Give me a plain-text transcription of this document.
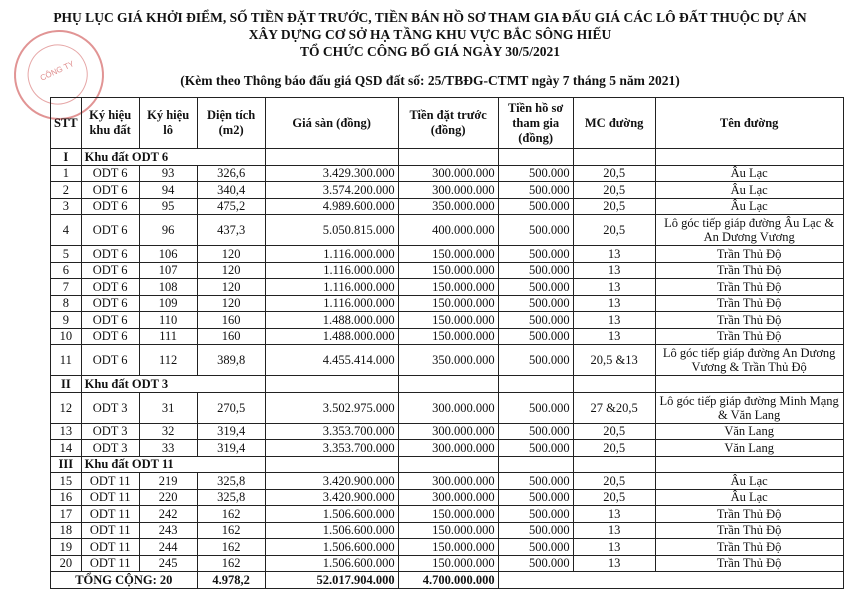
PHỤ LỤC GIÁ KHỞI ĐIỂM, SỐ TIỀN ĐẶT TRƯỚC, TIỀN BÁN HỒ SƠ THAM GIA ĐẤU GIÁ CÁC LÔ ĐẤT THUỘC DỰ ÁN
XÂY DỰNG CƠ SỞ HẠ TẦNG KHU VỰC BẮC SÔNG HIẾU
TỔ CHỨC CÔNG BỐ GIÁ NGÀY 30/5/2021
(Kèm theo Thông báo đấu giá QSD đất số: 25/TBĐG-CTMT ngày 7 tháng 5 năm 2021)
CÔNG TY
STT	Ký hiệu khu đất	Ký hiệu lô	Diện tích (m2)	Giá sàn (đồng)	Tiền đặt trước (đồng)	Tiền hồ sơ tham gia (đồng)	MC đường	Tên đường
I	Khu đất ODT 6							
1	ODT 6	93	326,6	3.429.300.000	300.000.000	500.000	20,5	Âu Lạc
2	ODT 6	94	340,4	3.574.200.000	300.000.000	500.000	20,5	Âu Lạc
3	ODT 6	95	475,2	4.989.600.000	350.000.000	500.000	20,5	Âu Lạc
4	ODT 6	96	437,3	5.050.815.000	400.000.000	500.000	20,5	Lô góc tiếp giáp đường Âu Lạc & An Dương Vương
5	ODT 6	106	120	1.116.000.000	150.000.000	500.000	13	Trần Thủ Độ
6	ODT 6	107	120	1.116.000.000	150.000.000	500.000	13	Trần Thủ Độ
7	ODT 6	108	120	1.116.000.000	150.000.000	500.000	13	Trần Thủ Độ
8	ODT 6	109	120	1.116.000.000	150.000.000	500.000	13	Trần Thủ Độ
9	ODT 6	110	160	1.488.000.000	150.000.000	500.000	13	Trần Thủ Độ
10	ODT 6	111	160	1.488.000.000	150.000.000	500.000	13	Trần Thủ Độ
11	ODT 6	112	389,8	4.455.414.000	350.000.000	500.000	20,5 &13	Lô góc tiếp giáp đường An Dương Vương & Trần Thủ Độ
II	Khu đất ODT 3							
12	ODT 3	31	270,5	3.502.975.000	300.000.000	500.000	27 &20,5	Lô góc tiếp giáp đường Minh Mạng & Văn Lang
13	ODT 3	32	319,4	3.353.700.000	300.000.000	500.000	20,5	Văn Lang
14	ODT 3	33	319,4	3.353.700.000	300.000.000	500.000	20,5	Văn Lang
III	Khu đất ODT 11							
15	ODT 11	219	325,8	3.420.900.000	300.000.000	500.000	20,5	Âu Lạc
16	ODT 11	220	325,8	3.420.900.000	300.000.000	500.000	20,5	Âu Lạc
17	ODT 11	242	162	1.506.600.000	150.000.000	500.000	13	Trần Thủ Độ
18	ODT 11	243	162	1.506.600.000	150.000.000	500.000	13	Trần Thủ Độ
19	ODT 11	244	162	1.506.600.000	150.000.000	500.000	13	Trần Thủ Độ
20	ODT 11	245	162	1.506.600.000	150.000.000	500.000	13	Trần Thủ Độ
TỔNG CỘNG: 20			4.978,2	52.017.904.000	4.700.000.000			
